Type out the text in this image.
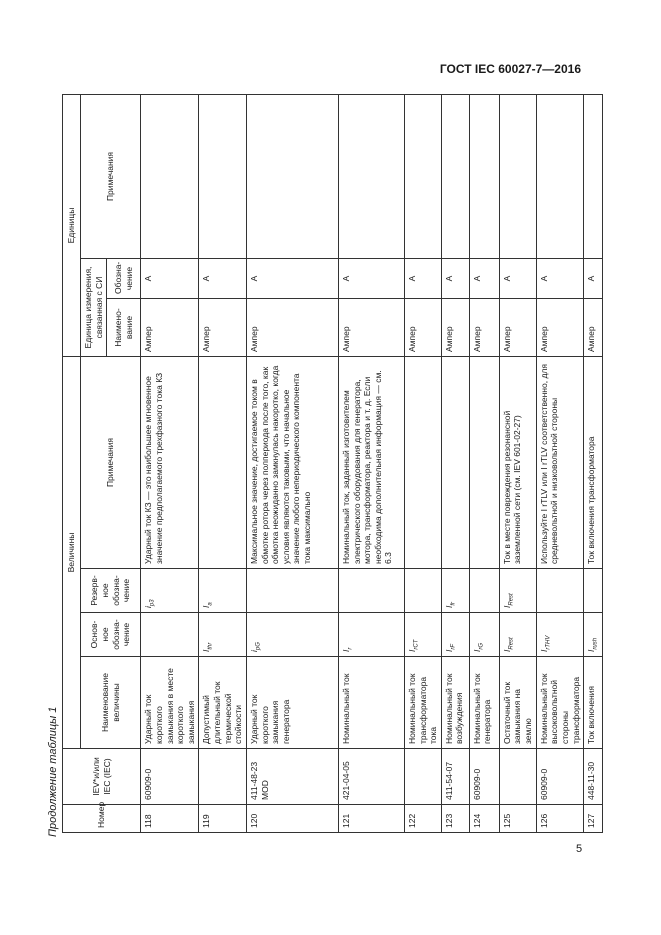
ГОСТ IEC 60027-7—2016
Продолжение таблицы 1	Номер	IEV*и/или IEC (IEC)	Величины				Единицы		
		Наименование величины	Основ-ное обозна-чение	Резерв-ное обозна-чение	Примечания	Единица измерения, связанная с СИ		Примечания
						Наимено-вание	Обозна-чение	
118	60909-0	Ударный ток короткого замыкания в месте короткого замыкания		$i_{p3}$	Ударный ток КЗ — это наибольшее мгновенное значение предполагаемого трехфазного тока КЗ	Ампер	A	
119		Допустимый длительный ток термической стойкости	$I_{thr}$	$I_a$		Ампер	A	
120	411-48-23 MOD	Ударный ток короткого замыкания генератора	$i_{pG}$		Максимальное значение, достигаемое током в обмотке ротора через полпериода после того, как обмотка неожиданно замкнулась накоротко, когда условия являются таковыми, что начальное значение любого непериодического компонента тока максимально	Ампер	A	
121	421-04-05	Номинальный ток	$I_r$		Номинальный ток, заданный изготовителем электрического оборудования для генератора, мотора, трансформатора, реактора и т. д. Если необходима дополнительная информация — см. 6.3	Ампер	A	
122		Номинальный ток трансформатора тока	$I_{rCT}$			Ампер	A	
123	411-54-07	Номинальный ток возбуждения	$I_{rF}$	$I_{fr}$		Ампер	A	
124	60909-0	Номинальный ток генератора	$I_{rG}$			Ампер	A	
125		Остаточный ток замыкания на землю	$I_{Rest}$	$I_{Rest}$	Ток в месте повреждения резонансной заземленной сети (см. IEV 601-02-27)	Ампер	A	
126	60909-0	Номинальный ток высоковольтной стороны трансформатора	$I_{rTHV}$		Используйте I rTLV или I rTLV соответственно, для средневольтной и низковольтной стороны	Ампер	A	
127	448-11-30	Ток включения	$I_{rush}$		Ток включения трансформатора	Ампер	A	
5
